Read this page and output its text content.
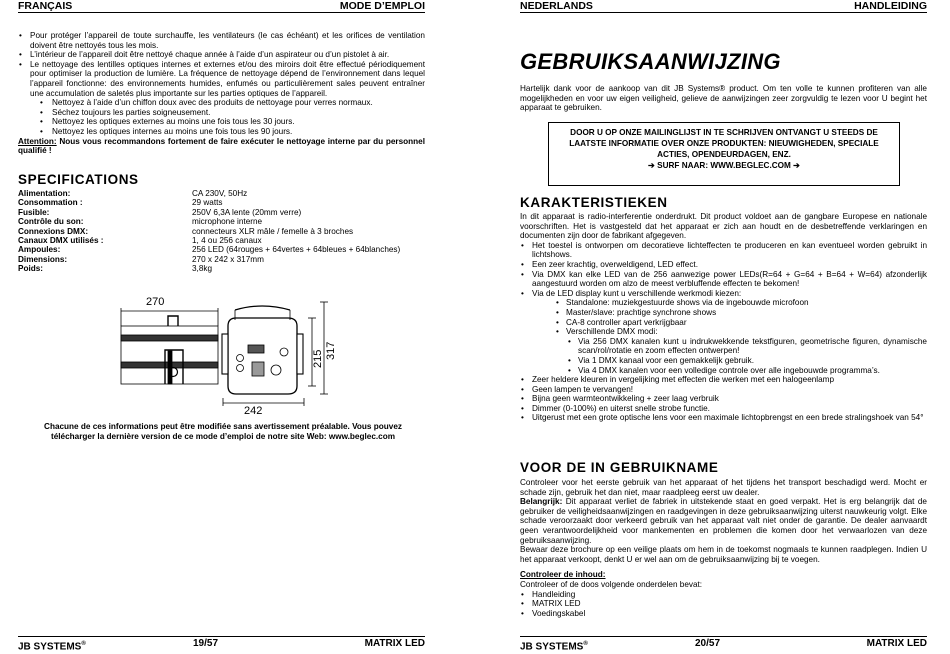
FRANÇAIS	MODE D’EMPLOI
• Pour protéger l’appareil de toute surchauffe, les ventilateurs (le cas échéant) et les orifices de ventilation doivent être nettoyés tous les mois.
• L’intérieur de l’appareil doit être nettoyé chaque année à l’aide d’un aspirateur ou d’un pistolet à air.
• Le nettoyage des lentilles optiques internes et externes et/ou des miroirs doit être effectué périodiquement pour optimiser la production de lumière. La fréquence de nettoyage dépend de l’environnement dans lequel l’appareil fonctionne: des environnements humides, enfumés ou particulièrement sales peuvent entraîner une accumulation de saletés plus importante sur les parties optiques de l’appareil.
• Nettoyez à l’aide d’un chiffon doux avec des produits de nettoyage pour verres normaux.
• Séchez toujours les parties soigneusement.
• Nettoyez les optiques externes au moins une fois tous les 30 jours.
• Nettoyez les optiques internes au moins une fois tous les 90 jours.
Attention: Nous vous recommandons fortement de faire exécuter le nettoyage interne par du personnel qualifié !
SPECIFICATIONS
Alimentation:	CA 230V, 50Hz
Consommation :	29 watts
Fusible:	250V 6,3A lente (20mm verre)
Contrôle du son:	microphone interne
Connexions DMX:	connecteurs XLR mâle / femelle à 3 broches
Canaux DMX utilisés :	1, 4 ou 256 canaux
Ampoules:	256 LED (64rouges + 64vertes + 64bleues + 64blanches)
Dimensions:	270 x 242 x 317mm
Poids:	3,8kg
270
242
215 317
Chacune de ces informations peut être modifiée sans avertissement préalable. Vous pouvez télécharger la dernière version de ce mode d’emploi de notre site Web: www.beglec.com
JB SYSTEMS®	19/57	MATRIX LED
NEDERLANDS	HANDLEIDING
GEBRUIKSAANWIJZING
Hartelijk dank voor de aankoop van dit JB Systems® product. Om ten volle te kunnen profiteren van alle mogelijkheden en voor uw eigen veiligheid, gelieve de aanwijzingen zeer zorgvuldig te lezen voor U begint het apparaat te gebruiken.
DOOR U OP ONZE MAILINGLIJST IN TE SCHRIJVEN ONTVANGT U STEEDS DE
LAATSTE INFORMATIE OVER ONZE PRODUKTEN: NIEUWIGHEDEN, SPECIALE
ACTIES, OPENDEURDAGEN, ENZ.
➔ SURF NAAR: WWW.BEGLEC.COM ➔
KARAKTERISTIEKEN
In dit apparaat is radio-interferentie onderdrukt. Dit product voldoet aan de gangbare Europese en nationale voorschriften. Het is vastgesteld dat het apparaat er zich aan houdt en de desbetreffende verklaringen en documenten zijn door de fabrikant afgegeven.
• Het toestel is ontworpen om decoratieve lichteffecten te produceren en kan eventueel worden gebruikt in lichtshows.
• Een zeer krachtig, overweldigend, LED effect.
• Via DMX kan elke LED van de 256 aanwezige power LEDs(R=64 + G=64 + B=64 + W=64) afzonderlijk aangestuurd worden om alzo de meest verbluffende effecten te bekomen!
• Via de LED display kunt u verschillende werkmodi kiezen:
• Standalone: muziekgestuurde shows via de ingebouwde microfoon
• Master/slave: prachtige synchrone shows
• CA-8 controller apart verkrijgbaar
• Verschillende DMX modi:
• Via 256 DMX kanalen kunt u indrukwekkende tekstfiguren, geometrische figuren, dynamische scan/rol/rotatie en zoom effecten ontwerpen!
• Via 1 DMX kanaal voor een gemakkelijk gebruik.
• Via 4 DMX kanalen voor een volledige controle over alle ingebouwde programma’s.
• Zeer heldere kleuren in vergelijking met effecten die werken met een halogeenlamp
• Geen lampen te vervangen!
• Bijna geen warmteontwikkeling + zeer laag verbruik
• Dimmer (0-100%) en uiterst snelle strobe functie.
• Uitgerust met een grote optische lens voor een maximale lichtopbrengst en een brede stralingshoek van 54°
VOOR DE IN GEBRUIKNAME
Controleer voor het eerste gebruik van het apparaat of het tijdens het transport beschadigd werd. Mocht er schade zijn, gebruik het dan niet, maar raadpleeg eerst uw dealer.
Belangrijk: Dit apparaat verliet de fabriek in uitstekende staat en goed verpakt. Het is erg belangrijk dat de gebruiker de veiligheidsaanwijzingen en raadgevingen in deze gebruiksaanwijzing uiterst nauwkeurig volgt. Elke schade veroorzaakt door verkeerd gebruik van het apparaat valt niet onder de garantie. De dealer aanvaardt geen verantwoordelijkheid voor mankementen en problemen die komen door het verwaarlozen van deze gebruiksaanwijzing.
Bewaar deze brochure op een veilige plaats om hem in de toekomst nogmaals te kunnen raadplegen. Indien U het apparaat verkoopt, denkt U er wel aan om de gebruiksaanwijzing bij te voegen.
Controleer de inhoud:
Controleer of de doos volgende onderdelen bevat:
• Handleiding
• MATRIX LED
• Voedingskabel
JB SYSTEMS®	20/57	MATRIX LED
